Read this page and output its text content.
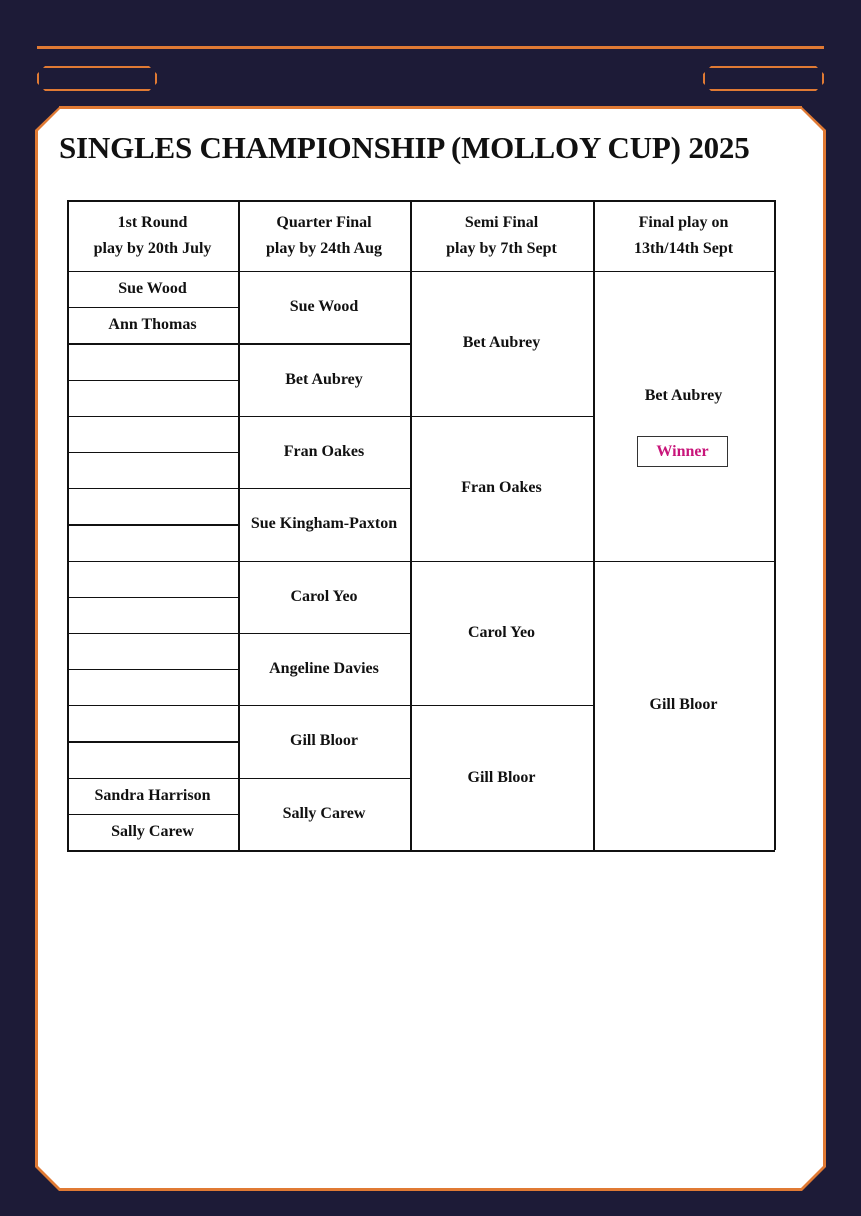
SINGLES CHAMPIONSHIP (MOLLOY CUP) 2025
1st Round
play by 20th July
Quarter Final
play by 24th Aug
Semi Final
play by 7th Sept
Final play on
13th/14th Sept
Sue Wood
Ann Thomas
Sandra Harrison
Sally Carew
Sue Wood
Bet Aubrey
Fran Oakes
Sue Kingham-Paxton
Carol Yeo
Angeline Davies
Gill Bloor
Sally Carew
Bet Aubrey
Fran Oakes
Carol Yeo
Gill Bloor
Bet Aubrey
Gill Bloor
Winner
